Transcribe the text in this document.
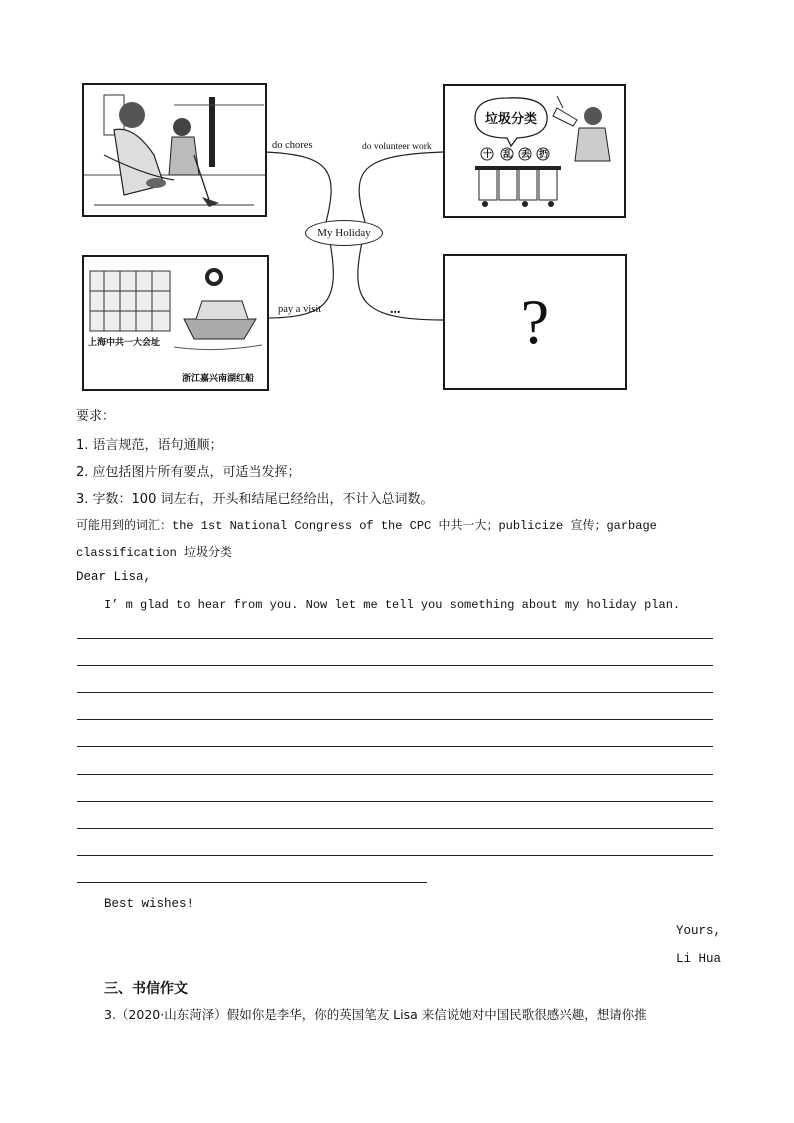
My Holiday
do chores	do volunteer work
pay a visit	...
垃圾分类
十 乱 丢 扔
上海中共一大会址
浙江嘉兴南湖红船
?
要求：
1. 语言规范，语句通顺；
2. 应包括图片所有要点，可适当发挥；
3. 字数：100 词左右，开头和结尾已经给出，不计入总词数。
可能用到的词汇：the 1st National Congress of the CPC 中共一大；publicize 宣传；garbage
classification 垃圾分类
Dear Lisa,
I’ m glad to hear from you. Now let me tell you something about my holiday plan.
Best wishes!
Yours,
Li Hua
三、书信作文
3.（2020·山东菏泽）假如你是李华，你的英国笔友 Lisa 来信说她对中国民歌很感兴趣，想请你推
